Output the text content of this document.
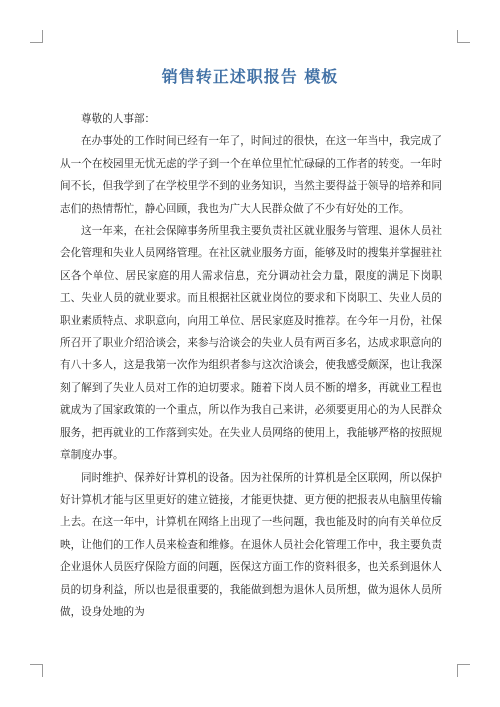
销售转正述职报告 模板

尊敬的人事部：

在办事处的工作时间已经有一年了，时间过的很快，在这一年当中，我完成了从一个在校园里无忧无虑的学子到一个在单位里忙忙碌碌的工作者的转变。一年时间不长，但我学到了在学校里学不到的业务知识，当然主要得益于领导的培养和同志们的热情帮忙，静心回顾，我也为广大人民群众做了不少有好处的工作。

这一年来，在社会保障事务所里我主要负责社区就业服务与管理、退休人员社会化管理和失业人员网络管理。在社区就业服务方面，能够及时的搜集并掌握驻社区各个单位、居民家庭的用人需求信息，充分调动社会力量，限度的满足下岗职工、失业人员的就业要求。而且根据社区就业岗位的要求和下岗职工、失业人员的职业素质特点、求职意向，向用工单位、居民家庭及时推荐。在今年一月份，社保所召开了职业介绍洽谈会，来参与洽谈会的失业人员有两百多名，达成求职意向的有八十多人，这是我第一次作为组织者参与这次洽谈会，使我感受颇深，也让我深刻了解到了失业人员对工作的迫切要求。随着下岗人员不断的增多，再就业工程也就成为了国家政策的一个重点，所以作为我自己来讲，必须要更用心的为人民群众服务，把再就业的工作落到实处。在失业人员网络的使用上，我能够严格的按照规章制度办事。

同时维护、保养好计算机的设备。因为社保所的计算机是全区联网，所以保护好计算机才能与区里更好的建立链接，才能更快捷、更方便的把报表从电脑里传输上去。在这一年中，计算机在网络上出现了一些问题，我也能及时的向有关单位反映，让他们的工作人员来检查和维修。在退休人员社会化管理工作中，我主要负责企业退休人员医疗保险方面的问题，医保这方面工作的资料很多，也关系到退休人员的切身利益，所以也是很重要的，我能做到想为退休人员所想，做为退休人员所做，设身处地的为
